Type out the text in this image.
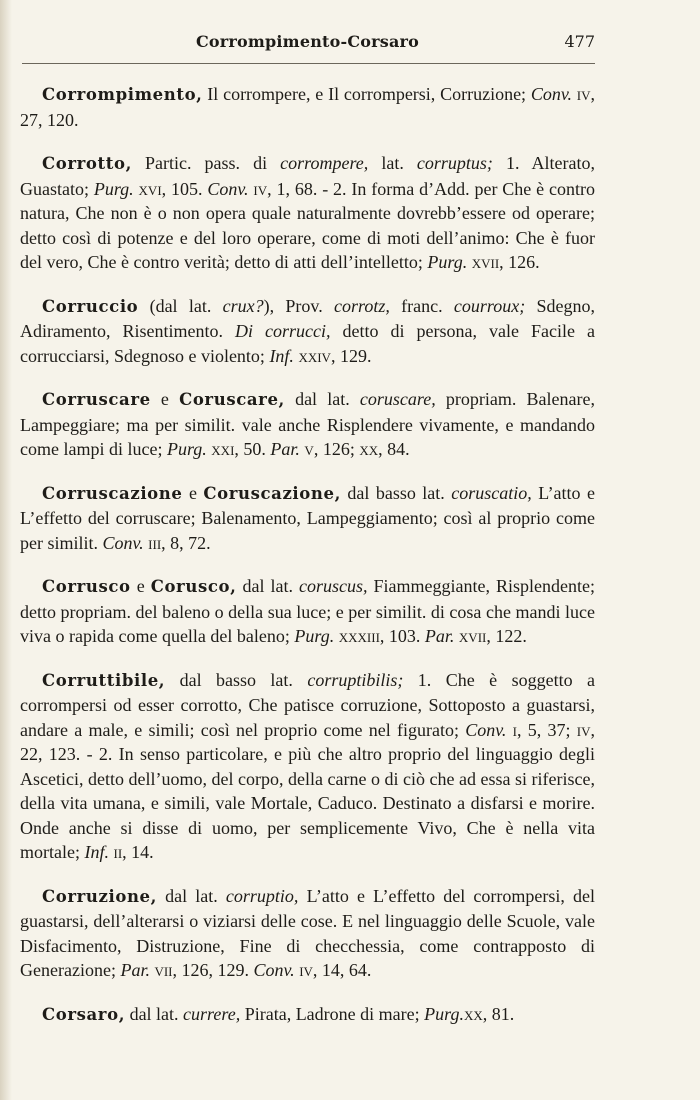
Corrompimento-Corsaro	477

Corrompimento, Il corrompere, e Il corrompersi, Corruzione; Conv. iv, 27, 120.

Corrotto, Partic. pass. di corrompere, lat. corruptus; 1. Alterato, Guastato; Purg. xvi, 105. Conv. iv, 1, 68. - 2. In forma d’Add. per Che è contro natura, Che non è o non opera quale naturalmente dovrebb’essere od operare; detto così di potenze e del loro operare, come di moti dell’animo: Che è fuor del vero, Che è contro verità; detto di atti dell’intelletto; Purg. xvii, 126.

Corruccio (dal lat. crux?), Prov. corrotz, franc. courroux; Sdegno, Adiramento, Risentimento. Di corrucci, detto di persona, vale Facile a corrucciarsi, Sdegnoso e violento; Inf. xxiv, 129.

Corruscare e Coruscare, dal lat. coruscare, propriam. Balenare, Lampeggiare; ma per similit. vale anche Risplendere vivamente, e mandando come lampi di luce; Purg. xxi, 50. Par. v, 126; xx, 84.

Corruscazione e Coruscazione, dal basso lat. coruscatio, L’atto e L’effetto del corruscare; Balenamento, Lampeggiamento; così al proprio come per similit. Conv. iii, 8, 72.

Corrusco e Corusco, dal lat. coruscus, Fiammeggiante, Risplendente; detto propriam. del baleno o della sua luce; e per similit. di cosa che mandi luce viva o rapida come quella del baleno; Purg. xxxiii, 103. Par. xvii, 122.

Corruttibile, dal basso lat. corruptibilis; 1. Che è soggetto a corrompersi od esser corrotto, Che patisce corruzione, Sottoposto a guastarsi, andare a male, e simili; così nel proprio come nel figurato; Conv. i, 5, 37; iv, 22, 123. - 2. In senso particolare, e più che altro proprio del linguaggio degli Ascetici, detto dell’uomo, del corpo, della carne o di ciò che ad essa si riferisce, della vita umana, e simili, vale Mortale, Caduco. Destinato a disfarsi e morire. Onde anche si disse di uomo, per semplicemente Vivo, Che è nella vita mortale; Inf. ii, 14.

Corruzione, dal lat. corruptio, L’atto e L’effetto del corrompersi, del guastarsi, dell’alterarsi o viziarsi delle cose. E nel linguaggio delle Scuole, vale Disfacimento, Distruzione, Fine di checchessia, come contrapposto di Generazione; Par. vii, 126, 129. Conv. iv, 14, 64.

Corsaro, dal lat. currere, Pirata, Ladrone di mare; Purg.xx, 81.
